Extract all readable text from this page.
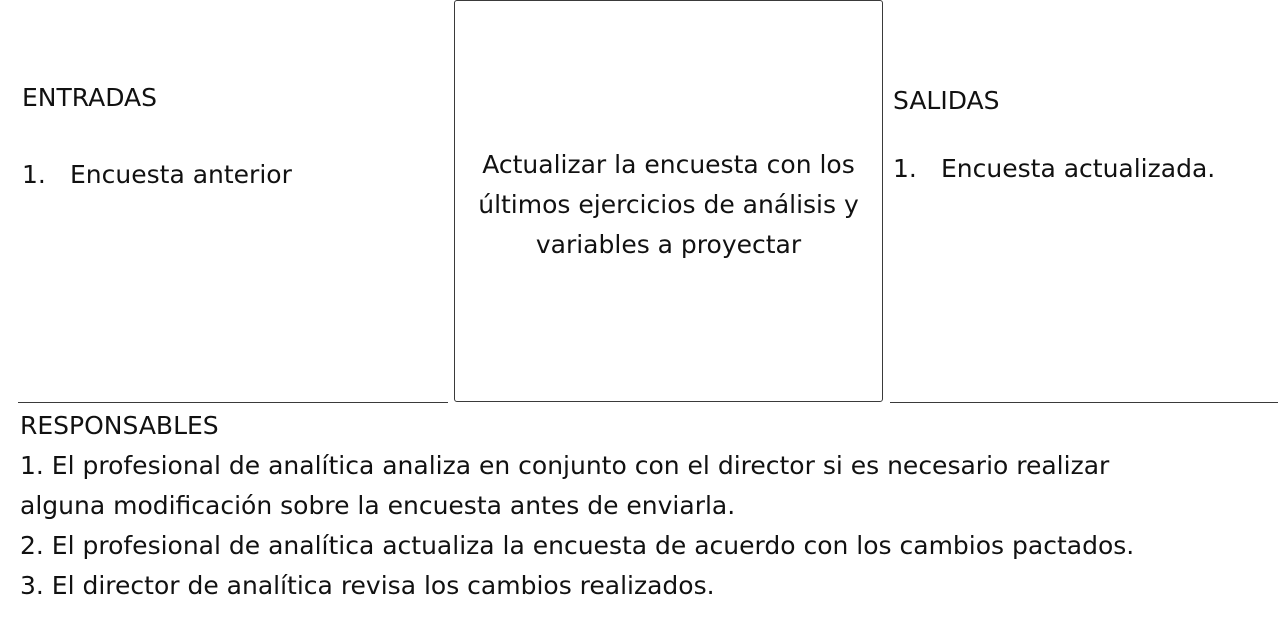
ENTRADAS
1. Encuesta anterior	Actualizar la encuesta con los últimos ejercicios de análisis y variables a proyectar
SALIDAS
1. Encuesta actualizada.
RESPONSABLES
1. El profesional de analítica analiza en conjunto con el director si es necesario realizar
alguna modificación sobre la encuesta antes de enviarla.
2. El profesional de analítica actualiza la encuesta de acuerdo con los cambios pactados.
3. El director de analítica revisa los cambios realizados.
